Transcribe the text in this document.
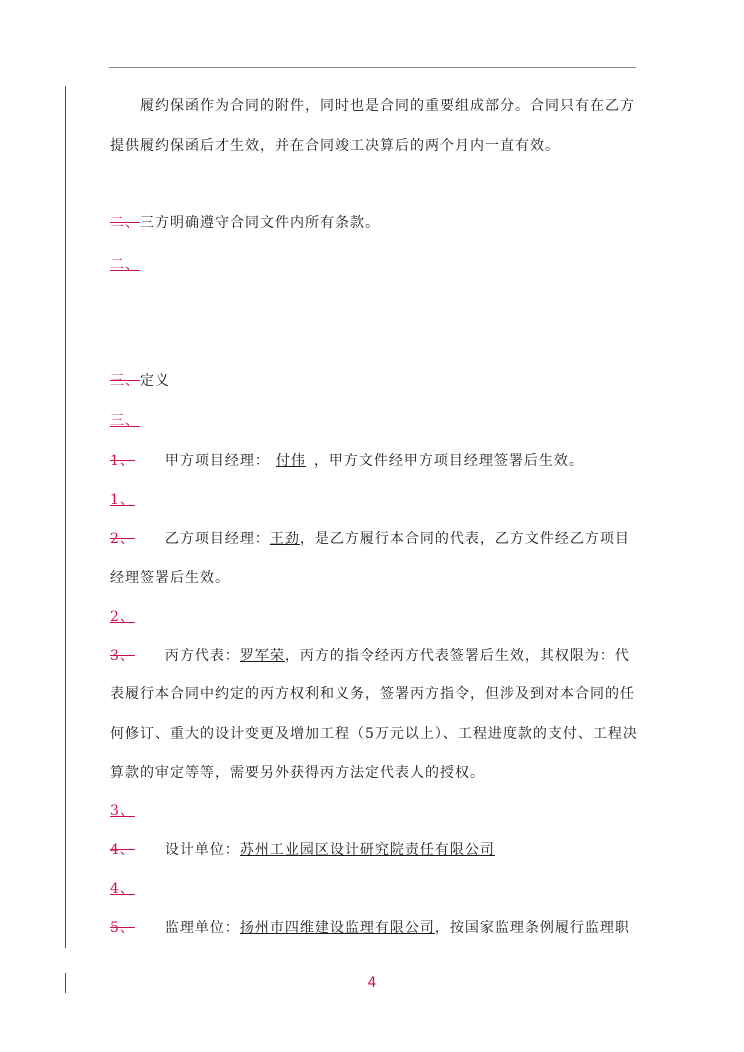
履约保函作为合同的附件，同时也是合同的重要组成部分。合同只有在乙方
提供履约保函后才生效，并在合同竣工决算后的两个月内一直有效。
二、三方明确遵守合同文件内所有条款。
二、
三、定义
三、
1、 甲方项目经理： 付伟 ，甲方文件经甲方项目经理签署后生效。
1、
2、 乙方项目经理：王劲，是乙方履行本合同的代表，乙方文件经乙方项目
经理签署后生效。
2、
3、 丙方代表：罗军荣，丙方的指令经丙方代表签署后生效，其权限为：代
表履行本合同中约定的丙方权利和义务，签署丙方指令，但涉及到对本合同的任
何修订、重大的设计变更及增加工程（5万元以上）、工程进度款的支付、工程决
算款的审定等等，需要另外获得丙方法定代表人的授权。
3、
4、 设计单位：苏州工业园区设计研究院责任有限公司
4、
5、 监理单位：扬州市四维建设监理有限公司，按国家监理条例履行监理职
4
